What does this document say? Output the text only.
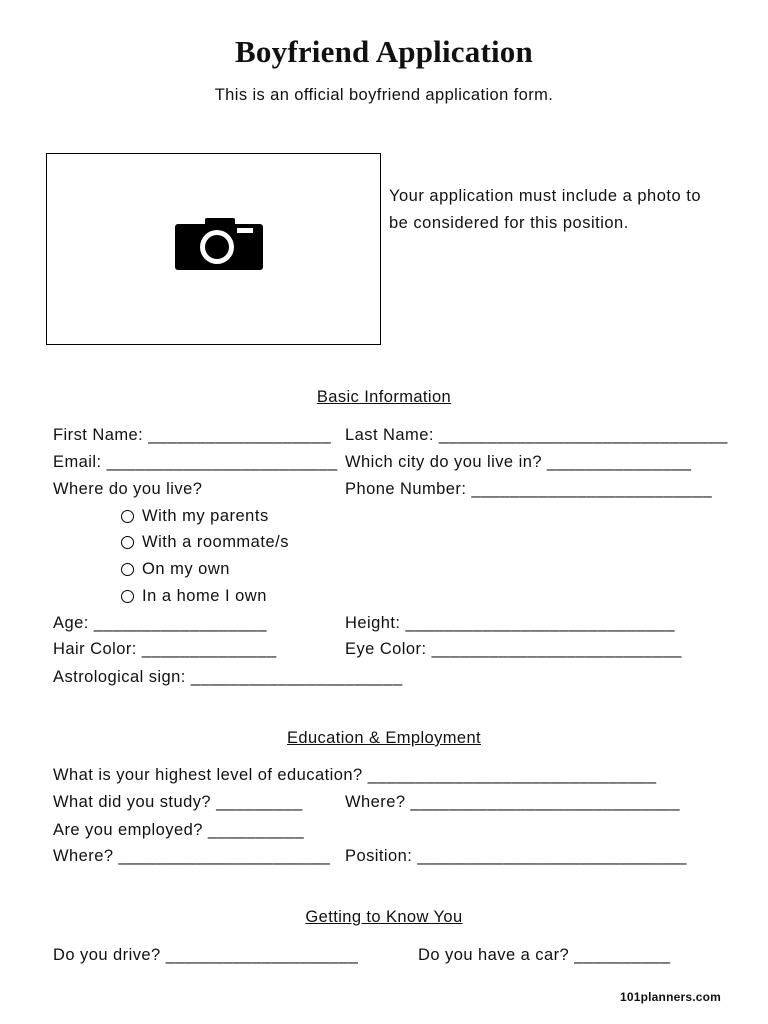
Boyfriend Application
This is an official boyfriend application form.
Your application must include a photo to be considered for this position.
Basic Information
First Name: ___________________ Last Name: ______________________________
Email: ________________________ Which city do you live in? _______________
Where do you live?	Phone Number: _________________________
With my parents
With a roommate/s
On my own
In a home I own
Age: __________________	Height: ____________________________
Hair Color: ______________	Eye Color: __________________________
Astrological sign: ______________________
Education & Employment
What is your highest level of education? ______________________________
What did you study? _________	Where? ____________________________
Are you employed? __________
Where? ______________________ Position: ____________________________
Getting to Know You
Do you drive? ____________________	Do you have a car? __________
101planners.com
